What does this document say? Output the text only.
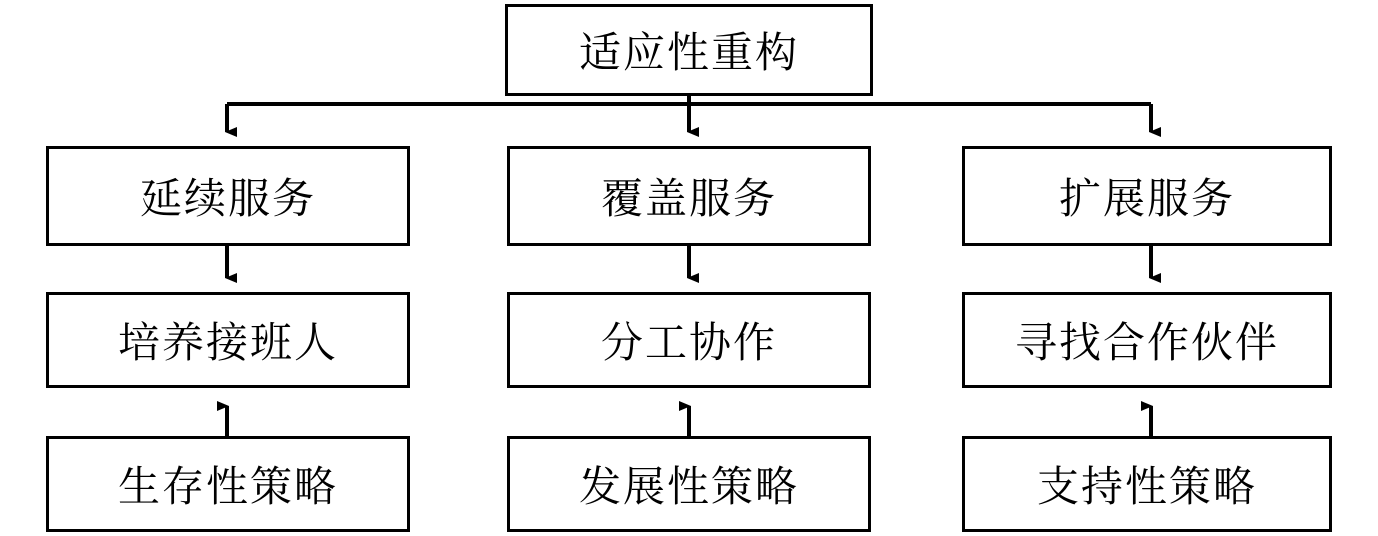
适应性重构
延续服务	覆盖服务	扩展服务
培养接班人	分工协作	寻找合作伙伴
生存性策略	发展性策略	支持性策略
